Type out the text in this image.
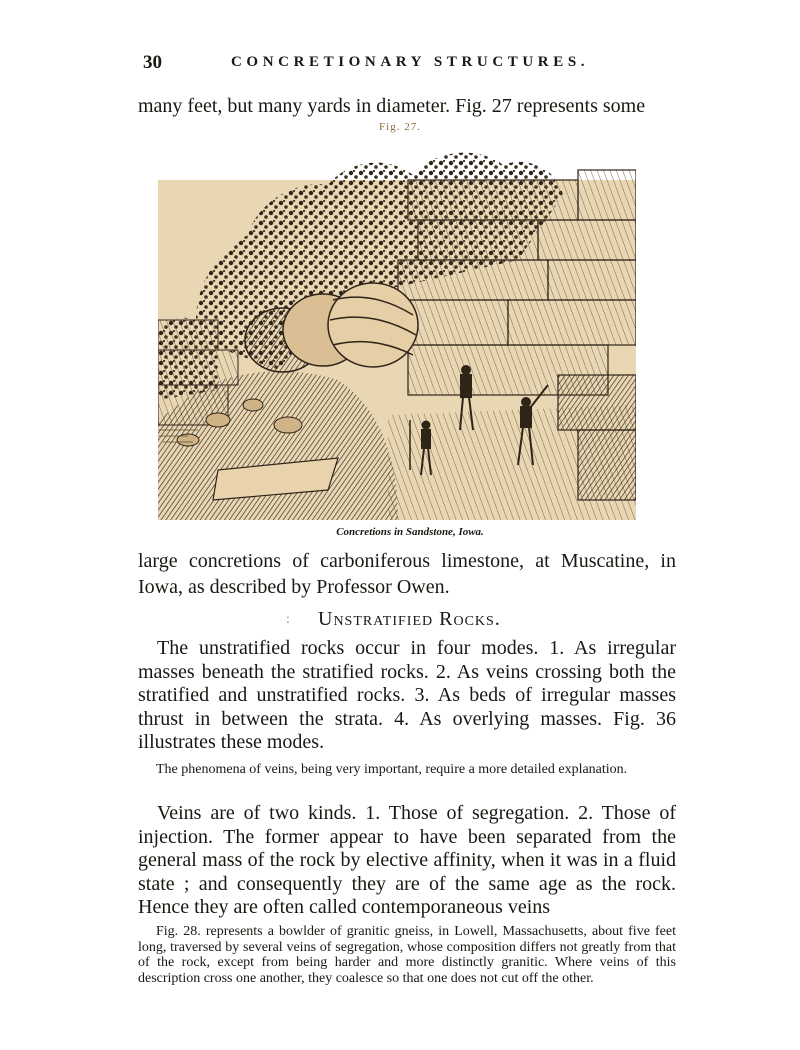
30	CONCRETIONARY STRUCTURES.
many feet, but many yards in diameter. Fig. 27 represents some
Fig. 27.
Concretions in Sandstone, Iowa.

large concretions of carboniferous limestone, at Muscatine, in Iowa, as described by Professor Owen.

: Unstratified Rocks.

The unstratified rocks occur in four modes. 1. As irregular masses beneath the stratified rocks. 2. As veins crossing both the stratified and unstratified rocks. 3. As beds of irregular masses thrust in between the strata. 4. As overlying masses. Fig. 36 illustrates these modes.

The phenomena of veins, being very important, require a more detailed explanation.

Veins are of two kinds. 1. Those of segregation. 2. Those of injection. The former appear to have been separated from the general mass of the rock by elective affinity, when it was in a fluid state ; and consequently they are of the same age as the rock. Hence they are often called contemporaneous veins

Fig. 28. represents a bowlder of granitic gneiss, in Lowell, Massachusetts, about five feet long, traversed by several veins of segregation, whose composition differs not greatly from that of the rock, except from being harder and more distinctly granitic. Where veins of this description cross one another, they coalesce so that one does not cut off the other.
